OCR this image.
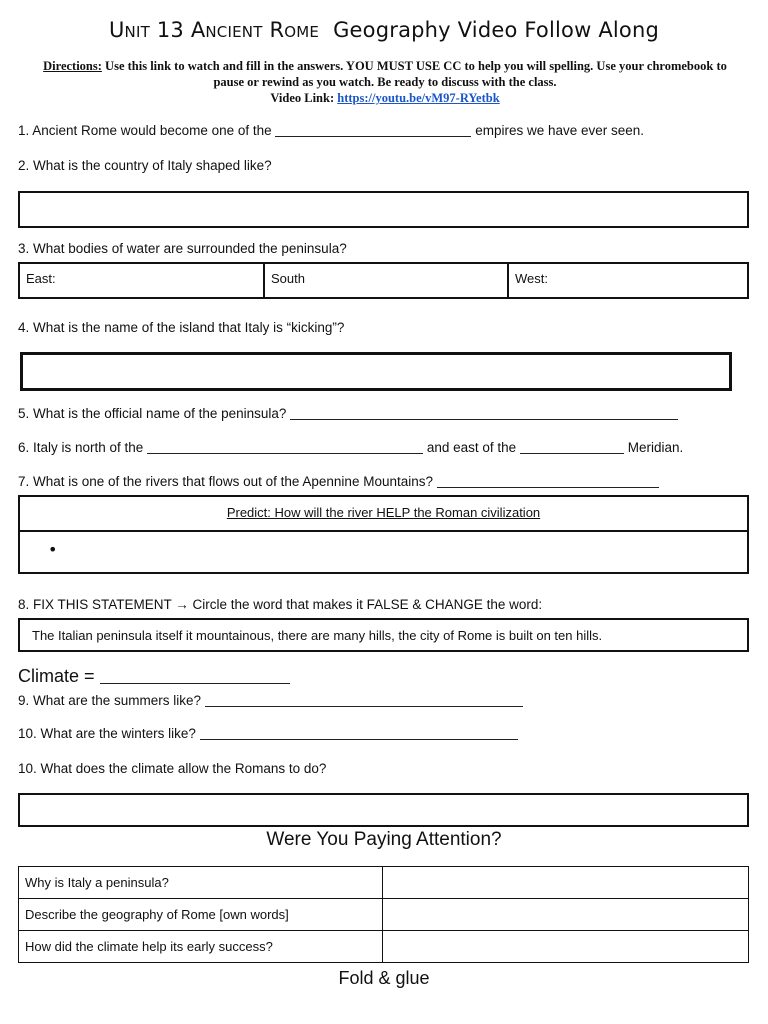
Unit 13 Ancient Rome Geography Video Follow Along
Directions: Use this link to watch and fill in the answers. YOU MUST USE CC to help you will spelling. Use your chromebook to pause or rewind as you watch. Be ready to discuss with the class.
Video Link: https://youtu.be/vM97-RYetbk
1. Ancient Rome would become one of the	empires we have ever seen.
2. What is the country of Italy shaped like?
3. What bodies of water are surrounded the peninsula?
East:	South	West:
4. What is the name of the island that Italy is “kicking”?
5. What is the official name of the peninsula?
6. Italy is north of the	and east of the	Meridian.
7. What is one of the rivers that flows out of the Apennine Mountains?
Predict: How will the river HELP the Roman civilization
•
8. FIX THIS STATEMENT → Circle the word that makes it FALSE & CHANGE the word:
The Italian peninsula itself it mountainous, there are many hills, the city of Rome is built on ten hills.
Climate =
9. What are the summers like?
10. What are the winters like?
10. What does the climate allow the Romans to do?
Were You Paying Attention?
Why is Italy a peninsula?	
Describe the geography of Rome [own words]	
How did the climate help its early success?	
Fold & glue
